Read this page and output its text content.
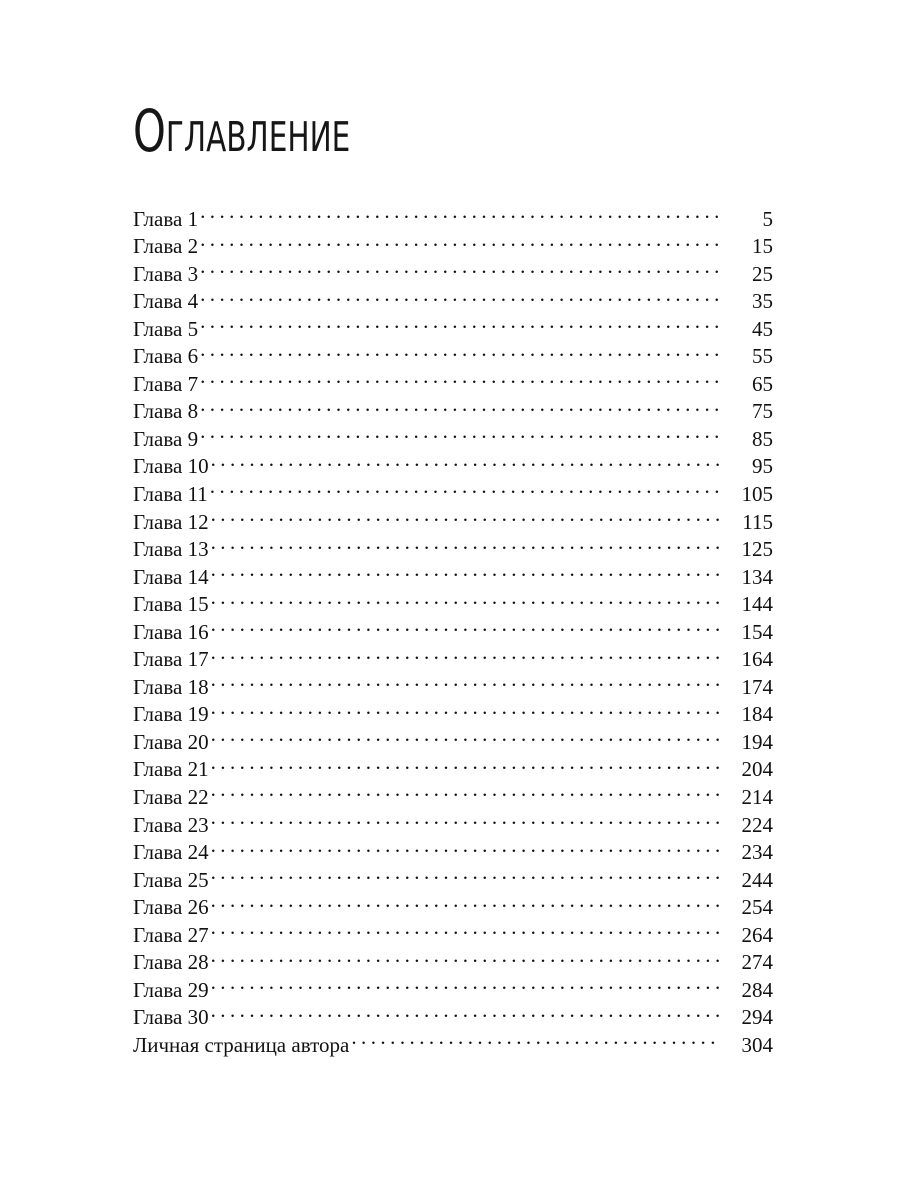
Оглавление
Глава 1 . . .	5
Глава 2 . . .	15
Глава 3 . . .	25
Глава 4 . . .	35
Глава 5 . . .	45
Глава 6 . . .	55
Глава 7 . . .	65
Глава 8 . . .	75
Глава 9 . . .	85
Глава 10 . . .	95
Глава 11 . . .	105
Глава 12 . . .	115
Глава 13 . . .	125
Глава 14 . . .	134
Глава 15 . . .	144
Глава 16 . . .	154
Глава 17 . . .	164
Глава 18 . . .	174
Глава 19 . . .	184
Глава 20 . . .	194
Глава 21 . . .	204
Глава 22 . . .	214
Глава 23 . . .	224
Глава 24 . . .	234
Глава 25 . . .	244
Глава 26 . . .	254
Глава 27 . . .	264
Глава 28 . . .	274
Глава 29 . . .	284
Глава 30 . . .	294
Личная страница автора . . .	304
